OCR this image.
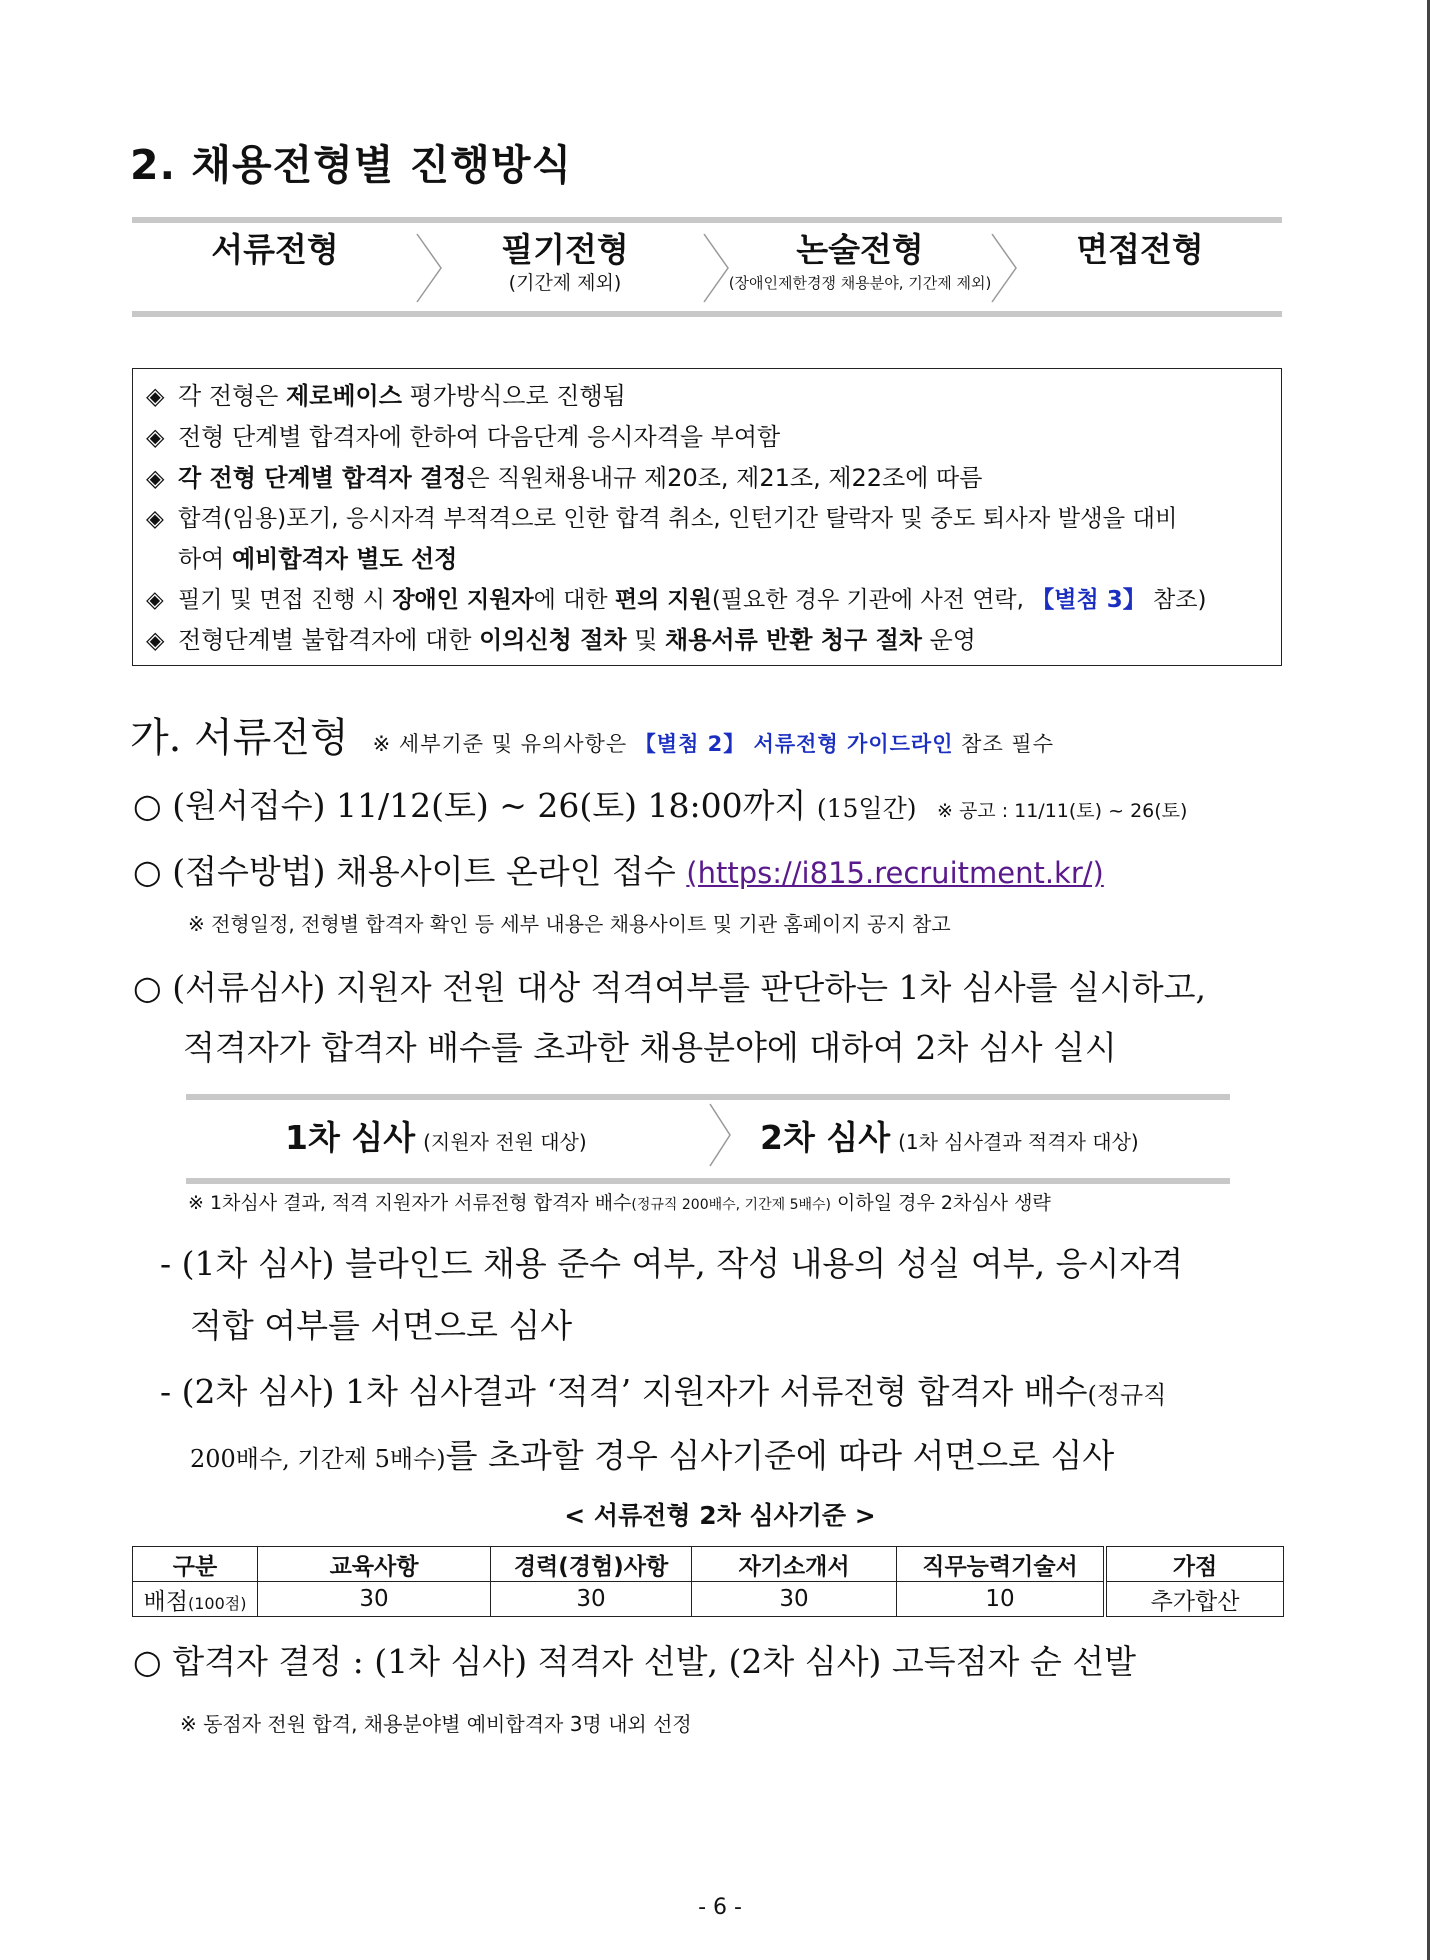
2. 채용전형별 진행방식
서류전형	필기전형
(기간제 제외)
논술전형
(장애인제한경쟁 채용분야, 기간제 제외)
면접전형
◈ 각 전형은 제로베이스 평가방식으로 진행됨
◈ 전형 단계별 합격자에 한하여 다음단계 응시자격을 부여함
◈ 각 전형 단계별 합격자 결정은 직원채용내규 제20조, 제21조, 제22조에 따름
◈ 합격(임용)포기, 응시자격 부적격으로 인한 합격 취소, 인턴기간 탈락자 및 중도 퇴사자 발생을 대비
하여 예비합격자 별도 선정
◈ 필기 및 면접 진행 시 장애인 지원자에 대한 편의 지원(필요한 경우 기관에 사전 연락, 【별첨 3】 참조)
◈ 전형단계별 불합격자에 대한 이의신청 절차 및 채용서류 반환 청구 절차 운영
가. 서류전형 ※ 세부기준 및 유의사항은 【별첨 2】 서류전형 가이드라인 참조 필수
○ (원서접수) 11/12(토) ~ 26(토) 18:00까지 (15일간) ※ 공고 : 11/11(토) ~ 26(토)
○ (접수방법) 채용사이트 온라인 접수 (https://i815.recruitment.kr/)
※ 전형일정, 전형별 합격자 확인 등 세부 내용은 채용사이트 및 기관 홈페이지 공지 참고
○ (서류심사) 지원자 전원 대상 적격여부를 판단하는 1차 심사를 실시하고,
적격자가 합격자 배수를 초과한 채용분야에 대하여 2차 심사 실시
1차 심사 (지원자 전원 대상)	2차 심사 (1차 심사결과 적격자 대상)
※ 1차심사 결과, 적격 지원자가 서류전형 합격자 배수(정규직 200배수, 기간제 5배수) 이하일 경우 2차심사 생략
- (1차 심사) 블라인드 채용 준수 여부, 작성 내용의 성실 여부, 응시자격
적합 여부를 서면으로 심사
- (2차 심사) 1차 심사결과 ‘적격’ 지원자가 서류전형 합격자 배수(정규직
200배수, 기간제 5배수)를 초과할 경우 심사기준에 따라 서면으로 심사
< 서류전형 2차 심사기준 >
구분	교육사항	경력(경험)사항	자기소개서	직무능력기술서	가점
배점(100점)	30	30	30	10	추가합산
○ 합격자 결정 : (1차 심사) 적격자 선발, (2차 심사) 고득점자 순 선발
※ 동점자 전원 합격, 채용분야별 예비합격자 3명 내외 선정
- 6 -
